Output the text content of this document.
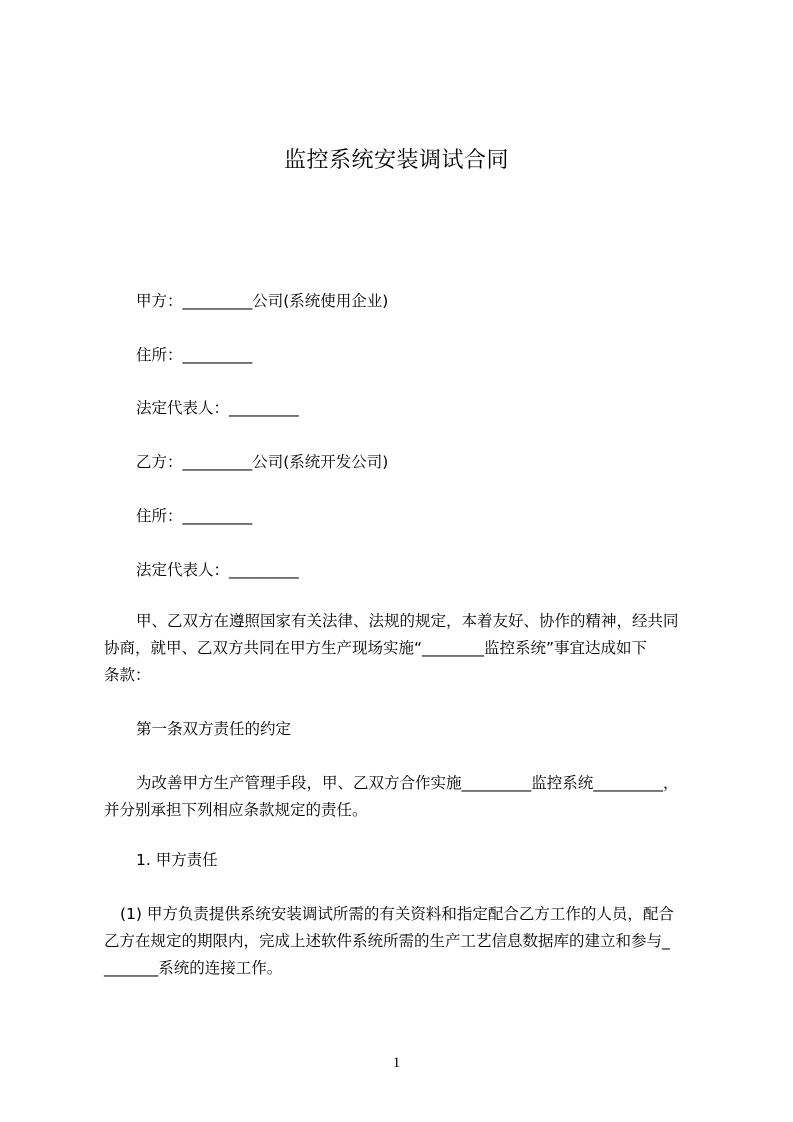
监控系统安装调试合同
甲方：_________公司(系统使用企业)
住所：_________
法定代表人：_________
乙方：_________公司(系统开发公司)
住所：_________
法定代表人：_________
甲、乙双方在遵照国家有关法律、法规的规定，本着友好、协作的精神，经共同
协商，就甲、乙双方共同在甲方生产现场实施“________监控系统”事宜达成如下
条款：
第一条双方责任的约定
为改善甲方生产管理手段，甲、乙双方合作实施_________监控系统_________，
并分别承担下列相应条款规定的责任。
1. 甲方责任
(1) 甲方负责提供系统安装调试所需的有关资料和指定配合乙方工作的人员，配合
乙方在规定的期限内，完成上述软件系统所需的生产工艺信息数据库的建立和参与_
_______系统的连接工作。
1
